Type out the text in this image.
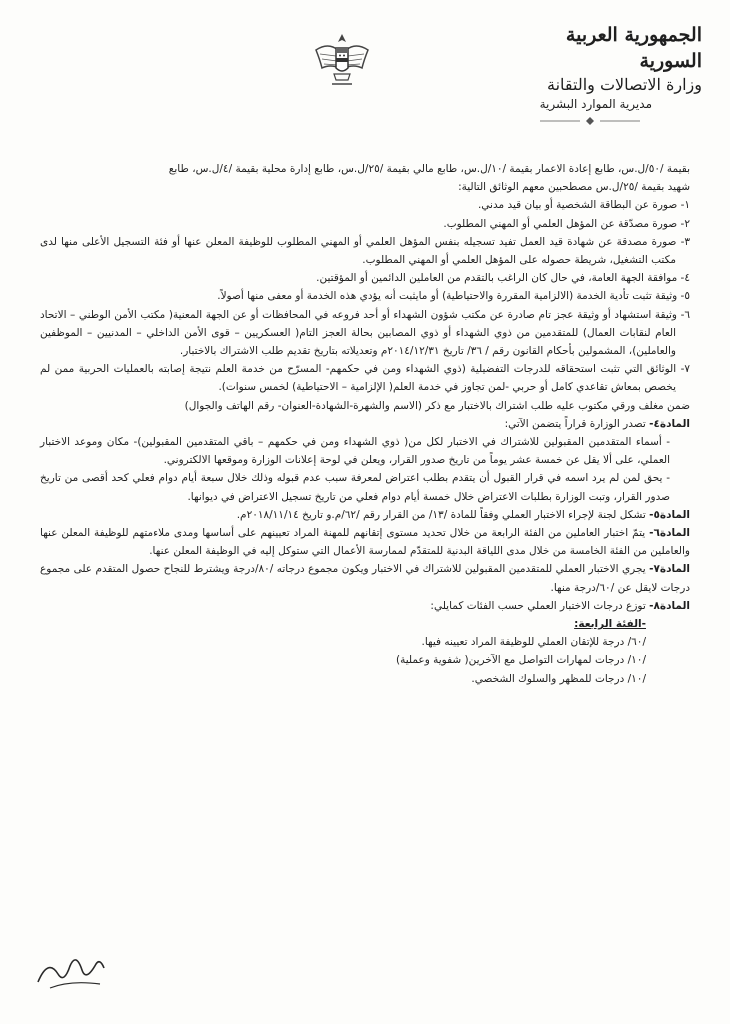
الجمهورية العربية السورية
وزارة الاتصالات والتقانة
مديرية الموارد البشرية

بقيمة /٥٠/ل.س، طابع إعادة الاعمار بقيمة /١٠/ل.س، طابع مالي بقيمة /٢٥/ل.س، طابع إدارة محلية بقيمة /٤/ل.س، طابع

شهيد بقيمة /٢٥/ل.س مصطحبين معهم الوثائق التالية:

١- صورة عن البطاقة الشخصية أو بيان قيد مدني.

٢- صورة مصدّقة عن المؤهل العلمي أو المهني المطلوب.

٣- صورة مصدقة عن شهادة قيد العمل تفيد تسجيله بنفس المؤهل العلمي أو المهني المطلوب للوظيفة المعلن عنها أو فئة التسجيل الأعلى منها لدى مكتب التشغيل، شريطة حصوله على المؤهل العلمي أو المهني المطلوب.

٤- موافقة الجهة العامة، في حال كان الراغب بالتقدم من العاملين الدائمين أو المؤقتين.

٥- وثيقة تثبت تأدية الخدمة (الالزامية المقررة والاحتياطية) أو مايثبت أنه يؤدي هذه الخدمة أو معفى منها أصولاً.

٦- وثيقة استشهاد أو وثيقة عجز تام صادرة عن مكتب شؤون الشهداء أو أحد فروعه في المحافظات أو عن الجهة المعنية( مكتب الأمن الوطني – الاتحاد العام لنقابات العمال) للمتقدمين من ذوي الشهداء أو ذوي المصابين بحالة العجز التام( العسكريين – قوى الأمن الداخلي – المدنيين – الموظفين والعاملين)، المشمولين بأحكام القانون رقم / ٣٦/ تاريخ ٢٠١٤/١٢/٣١م وتعديلاته بتاريخ تقديم طلب الاشتراك بالاختبار.

٧- الوثائق التي تثبت استحقاقه للدرجات التفضيلية (ذوي الشهداء ومن في حكمهم- المسرّح من خدمة العلم نتيجة إصابته بالعمليات الحربية ممن لم يخصص بمعاش تقاعدي كامل أو حربي -لمن تجاوز في خدمة العلم( الإلزامية – الاحتياطية) لخمس سنوات).

ضمن مغلف ورقي مكتوب عليه طلب اشتراك بالاختبار مع ذكر (الاسم والشهرة-الشهادة-العنوان- رقم الهاتف والجوال)

المادة٤- تصدر الوزارة قراراً يتضمن الآتي:

- أسماء المتقدمين المقبولين للاشتراك في الاختبار لكل من( ذوي الشهداء ومن في حكمهم – باقي المتقدمين المقبولين)- مكان وموعد الاختبار العملي، على ألا يقل عن خمسة عشر يوماً من تاريخ صدور القرار، ويعلن في لوحة إعلانات الوزارة وموقعها الالكتروني.

- يحق لمن لم يرد اسمه في قرار القبول أن يتقدم بطلب اعتراض لمعرفة سبب عدم قبوله وذلك خلال سبعة أيام دوام فعلي كحد أقصى من تاريخ صدور القرار، وتبت الوزارة بطلبات الاعتراض خلال خمسة أيام دوام فعلي من تاريخ تسجيل الاعتراض في ديوانها.

المادة٥- تشكل لجنة لإجراء الاختبار العملي وفقاً للمادة /١٣/ من القرار رقم /٦٢/م.و تاريخ ٢٠١٨/١١/١٤م.

المادة٦- يتمّ اختبار العاملين من الفئة الرابعة من خلال تحديد مستوى إتقانهم للمهنة المراد تعيينهم على أساسها ومدى ملاءمتهم للوظيفة المعلن عنها والعاملين من الفئة الخامسة من خلال مدى اللياقة البدنية للمتقدّم لممارسة الأعمال التي ستوكل إليه في الوظيفة المعلن عنها.

المادة٧- يجري الاختبار العملي للمتقدمين المقبولين للاشتراك في الاختبار ويكون مجموع درجاته /٨٠/درجة ويشترط للنجاح حصول المتقدم على مجموع درجات لايقل عن /٦٠/درجة منها.

المادة٨- توزع درجات الاختبار العملي حسب الفئات كمايلي:

-الفئة الرابعة:

/٦٠/ درجة للإتقان العملي للوظيفة المراد تعيينه فيها.

/١٠/ درجات لمهارات التواصل مع الآخرين( شفوية وعملية)

/١٠/ درجات للمظهر والسلوك الشخصي.
